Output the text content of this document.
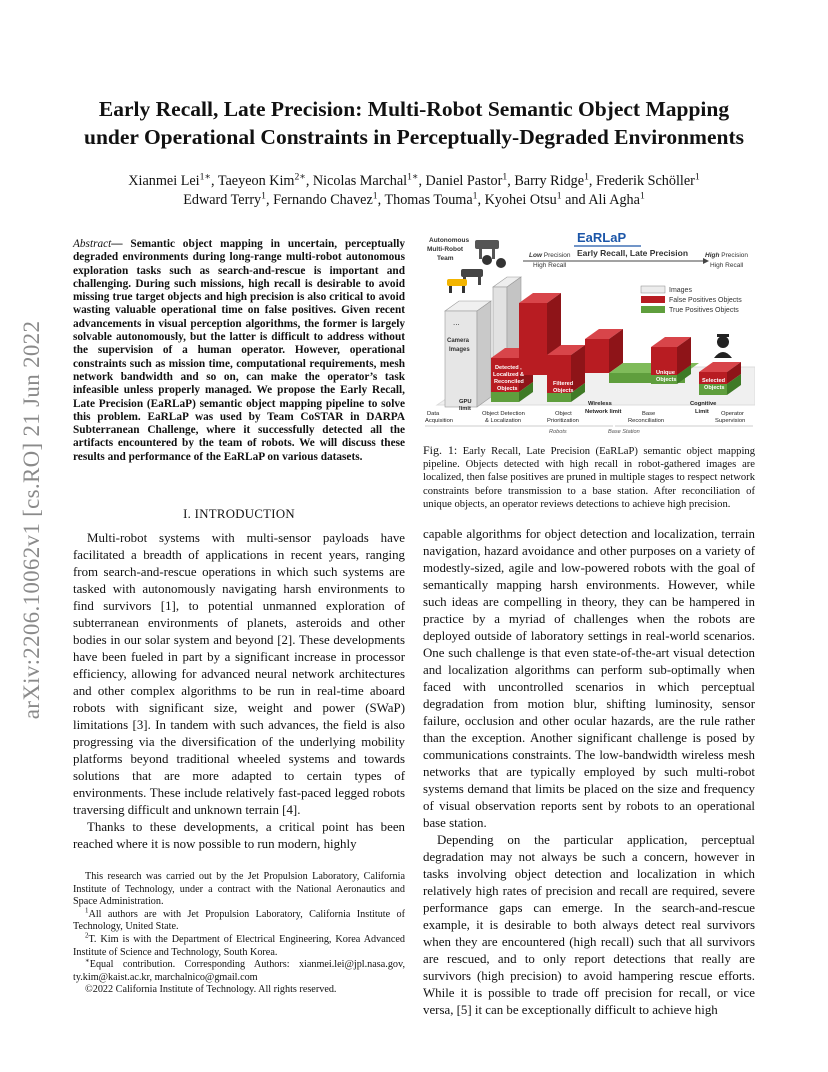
Early Recall, Late Precision: Multi-Robot Semantic Object Mapping
under Operational Constraints in Perceptually-Degraded Environments
Xianmei Lei$^{1∗}$, Taeyeon Kim$^{2∗}$, Nicolas Marchal$^{1∗}$, Daniel Pastor$^1$, Barry Ridge$^1$, Frederik Schöller$^1$
Edward Terry$^1$, Fernando Chavez$^1$, Thomas Touma$^1$, Kyohei Otsu$^1$ and Ali Agha$^1$
arXiv:2206.10062v1 [cs.RO] 21 Jun 2022
Abstract— Semantic object mapping in uncertain, perceptually degraded environments during long-range multi-robot autonomous exploration tasks such as search-and-rescue is important and challenging. During such missions, high recall is desirable to avoid missing true target objects and high precision is also critical to avoid wasting valuable operational time on false positives. Given recent advancements in visual perception algorithms, the former is largely solvable autonomously, but the latter is difficult to address without the supervision of a human operator. However, operational constraints such as mission time, computational requirements, mesh network bandwidth and so on, can make the operator’s task infeasible unless properly managed. We propose the Early Recall, Late Precision (EaRLaP) semantic object mapping pipeline to solve this problem. EaRLaP was used by Team CoSTAR in DARPA Subterranean Challenge, where it successfully detected all the artifacts encountered by the team of robots. We will discuss these results and performance of the EaRLaP on various datasets.
I. INTRODUCTION

Multi-robot systems with multi-sensor payloads have facilitated a breadth of applications in recent years, ranging from search-and-rescue operations in which such systems are tasked with autonomously navigating harsh environments to find survivors [1], to potential unmanned exploration of subterranean environments of planets, asteroids and other bodies in our solar system and beyond [2]. These developments have been fueled in part by a significant increase in processor efficiency, allowing for advanced neural network architectures and other complex algorithms to be run in real-time aboard robots with significant size, weight and power (SWaP) limitations [3]. In tandem with such advances, the field is also progressing via the diversification of the underlying mobility platforms beyond traditional wheeled systems and towards solutions that are more adapted to certain types of environments. These include relatively fast-paced legged robots traversing difficult and unknown terrain [4].

Thanks to these developments, a critical point has been reached where it is now possible to run modern, highly

This research was carried out by the Jet Propulsion Laboratory, California Institute of Technology, under a contract with the National Aeronautics and Space Administration.

$^1$All authors are with Jet Propulsion Laboratory, California Institute of Technology, United State.

$^2$T. Kim is with the Department of Electrical Engineering, Korea Advanced Institute of Science and Technology, South Korea.

∗Equal contribution. Corresponding Authors: xianmei.lei@jpl.nasa.gov, ty.kim@kaist.ac.kr, marchalnico@gmail.com

©2022 California Institute of Technology. All rights reserved.

EaRLaP
Early Recall, Late Precision
Low Precision
High Recall
High Precision
High Recall
Autonomous
Multi-Robot
Team
...
Camera
Images
Detected ,
Localized &
Reconciled
Objects
Filtered
Objects
Unique
Objects	Selected
Objects
Images
False Positives Objects
True Positives Objects
GPU
limit
Wireless
Network limit
Cognitive
Limit
Data
Acquisition
Object Detection
& Localization
Object
Prioritization
Base
Reconciliation
Operator
Supervision
Robots	Base Station
Fig. 1: Early Recall, Late Precision (EaRLaP) semantic object mapping pipeline. Objects detected with high recall in robot-gathered images are localized, then false positives are pruned in multiple stages to respect network constraints before transmission to a base station. After reconciliation of unique objects, an operator reviews detections to achieve high precision.

capable algorithms for object detection and localization, terrain navigation, hazard avoidance and other purposes on a variety of modestly-sized, agile and low-powered robots with the goal of semantically mapping harsh environments. However, while such ideas are compelling in theory, they can be hampered in practice by a myriad of challenges when the robots are deployed outside of laboratory settings in real-world scenarios. One such challenge is that even state-of-the-art visual detection and localization algorithms can perform sub-optimally when faced with uncontrolled scenarios in which perceptual degradation from motion blur, shifting luminosity, sensor failure, occlusion and other ocular hazards, are the rule rather than the exception. Another significant challenge is posed by communications constraints. The low-bandwidth wireless mesh networks that are typically employed by such multi-robot systems demand that limits be placed on the size and frequency of visual observation reports sent by robots to an operational base station.

Depending on the particular application, perceptual degradation may not always be such a concern, however in tasks involving object detection and localization in which relatively high rates of precision and recall are required, severe performance gaps can emerge. In the search-and-rescue example, it is desirable to both always detect real survivors when they are encountered (high recall) such that all survivors are rescued, and to only report detections that really are survivors (high precision) to avoid hampering rescue efforts. While it is possible to trade off precision for recall, or vice versa, [5] it can be exceptionally difficult to achieve high
